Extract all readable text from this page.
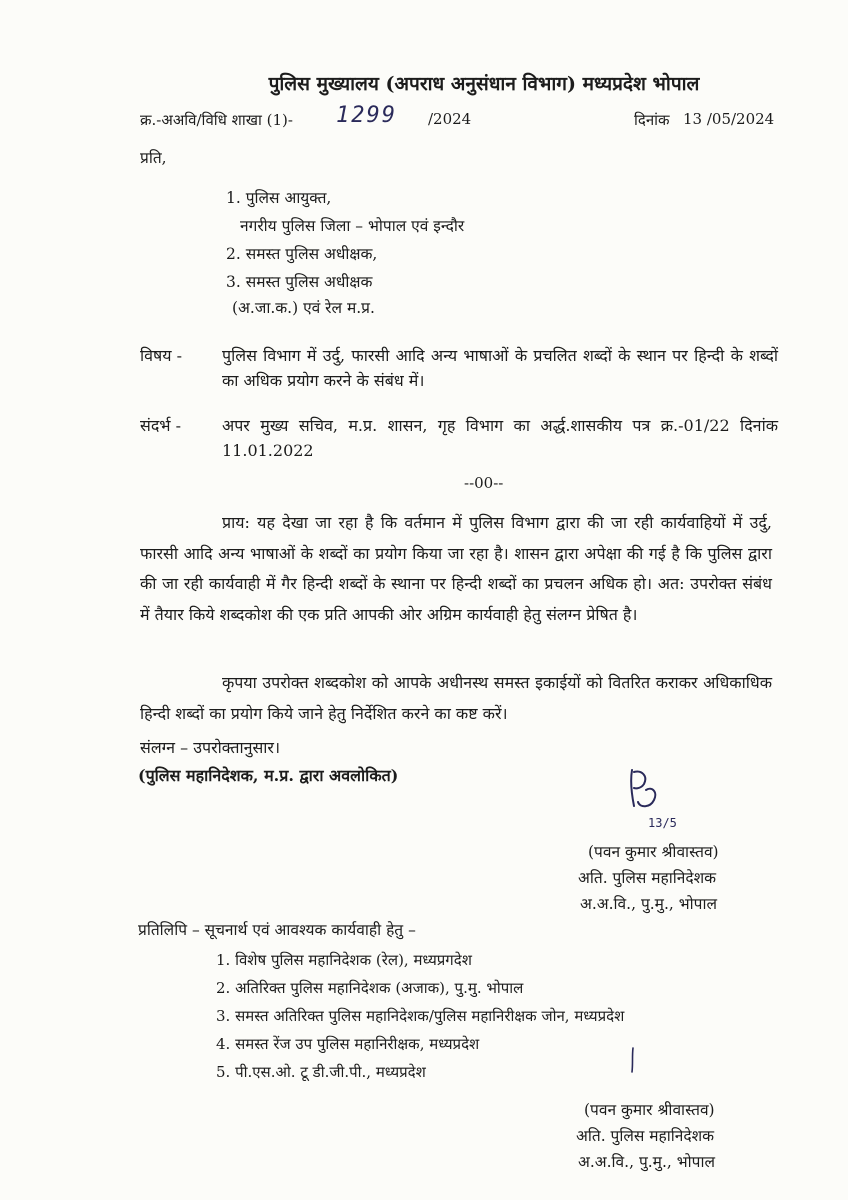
पुलिस मुख्यालय (अपराध अनुसंधान विभाग) मध्यप्रदेश भोपाल
क्र.-अअवि/विधि शाखा (1)- 1299 /2024	दिनांक 13 /05/2024
प्रति,
1. पुलिस आयुक्त,
नगरीय पुलिस जिला – भोपाल एवं इन्दौर
2. समस्त पुलिस अधीक्षक,
3. समस्त पुलिस अधीक्षक
(अ.जा.क.) एवं रेल म.प्र.
विषय - पुलिस विभाग में उर्दु, फारसी आदि अन्य भाषाओं के प्रचलित शब्दों के स्थान पर हिन्दी के शब्दों का अधिक प्रयोग करने के संबंध में।
संदर्भ -	अपर मुख्य सचिव, म.प्र. शासन, गृह विभाग का अर्द्ध.शासकीय पत्र क्र.-01/22 दिनांक 11.01.2022
--00--
प्राय: यह देखा जा रहा है कि वर्तमान में पुलिस विभाग द्वारा की जा रही कार्यवाहियों में उर्दु, फारसी आदि अन्य भाषाओं के शब्दों का प्रयोग किया जा रहा है। शासन द्वारा अपेक्षा की गई है कि पुलिस द्वारा की जा रही कार्यवाही में गैर हिन्दी शब्दों के स्थाना पर हिन्दी शब्दों का प्रचलन अधिक हो। अत: उपरोक्त संबंध में तैयार किये शब्दकोश की एक प्रति आपकी ओर अग्रिम कार्यवाही हेतु संलग्न प्रेषित है।
कृपया उपरोक्त शब्दकोश को आपके अधीनस्थ समस्त इकाईयों को वितरित कराकर अधिकाधिक हिन्दी शब्दों का प्रयोग किये जाने हेतु निर्देशित करने का कष्ट करें।
संलग्न – उपरोक्तानुसार।
(पुलिस महानिदेशक, म.प्र. द्वारा अवलोकित)
13/5
(पवन कुमार श्रीवास्तव)
अति. पुलिस महानिदेशक
अ.अ.वि., पु.मु., भोपाल
प्रतिलिपि – सूचनार्थ एवं आवश्यक कार्यवाही हेतु –
1. विशेष पुलिस महानिदेशक (रेल), मध्यप्रगदेश
2. अतिरिक्त पुलिस महानिदेशक (अजाक), पु.मु. भोपाल
3. समस्त अतिरिक्त पुलिस महानिदेशक/पुलिस महानिरीक्षक जोन, मध्यप्रदेश
4. समस्त रेंज उप पुलिस महानिरीक्षक, मध्यप्रदेश
5. पी.एस.ओ. टू डी.जी.पी., मध्यप्रदेश
(पवन कुमार श्रीवास्तव)
अति. पुलिस महानिदेशक
अ.अ.वि., पु.मु., भोपाल
